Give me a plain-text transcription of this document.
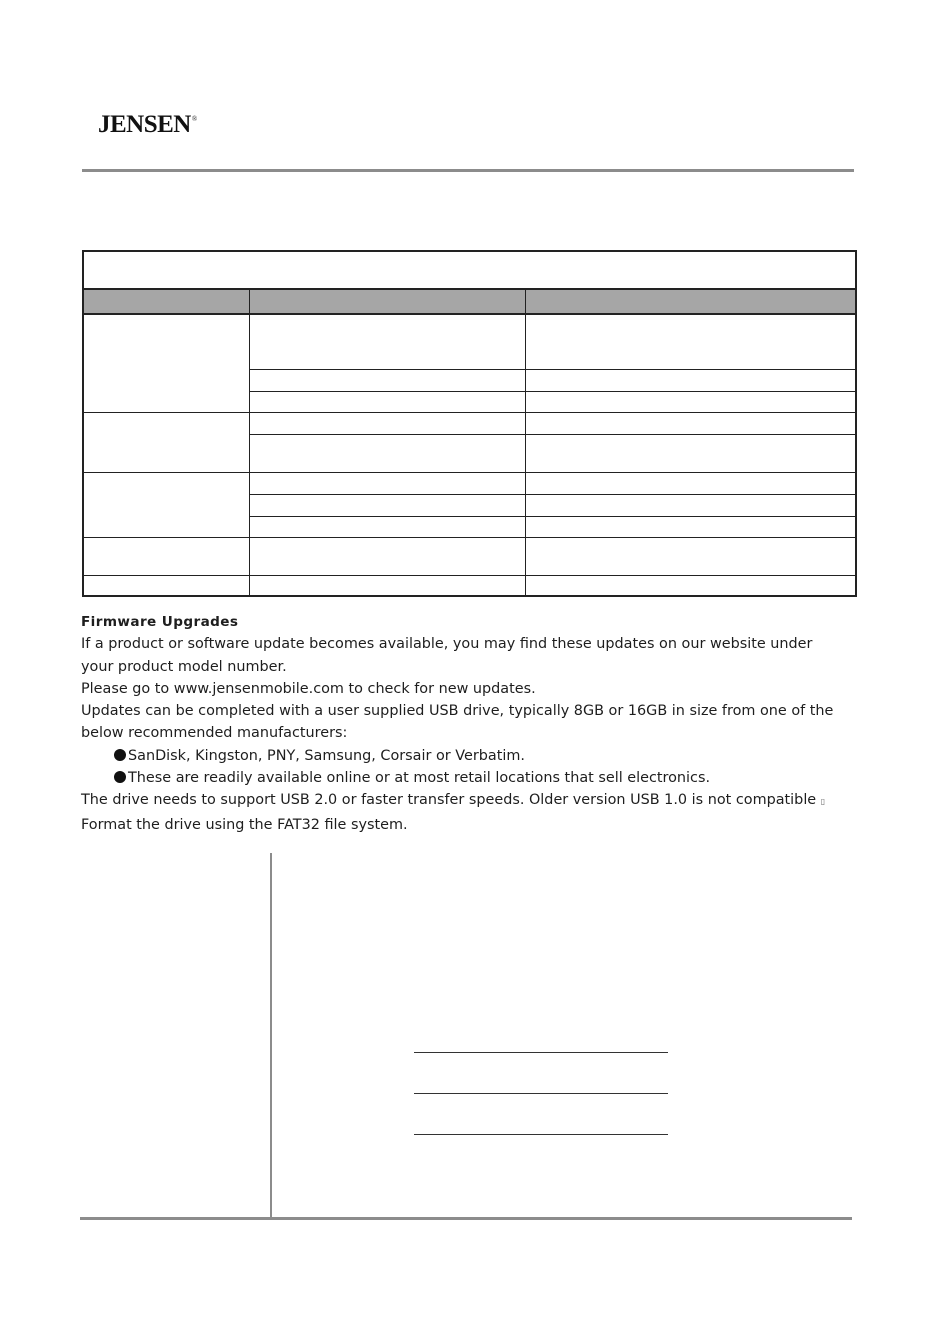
JENSEN®

Firmware Upgrades

If a product or software update becomes available, you may find these updates on our website under

your product model number.

Please go to www.jensenmobile.com to check for new updates.

Updates can be completed with a user supplied USB drive, typically 8GB or 16GB in size from one of the

below recommended manufacturers:

SanDisk, Kingston, PNY, Samsung, Corsair or Verbatim.

These are readily available online or at most retail locations that sell electronics.

The drive needs to support USB 2.0 or faster transfer speeds. Older version USB 1.0 is not compatible ▯

Format the drive using the FAT32 file system.
